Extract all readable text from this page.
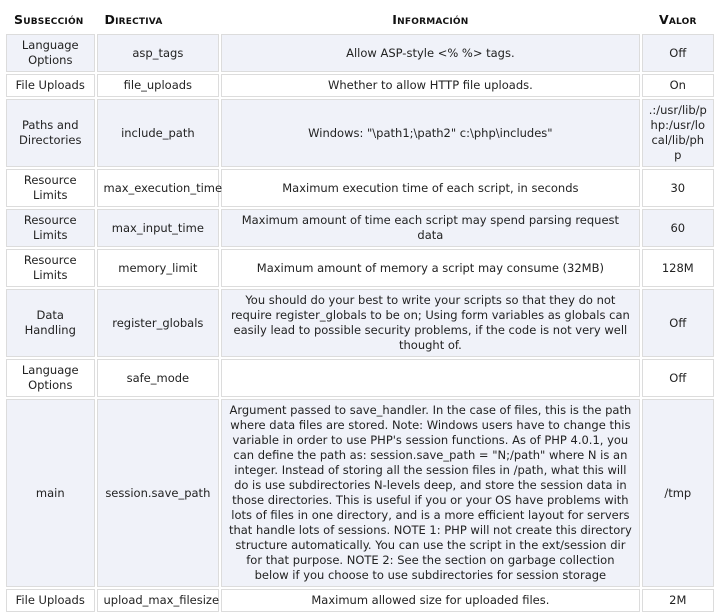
Subsección	Directiva	Información	Valor
Language Options	asp_tags	Allow ASP-style <% %> tags.	Off
File Uploads	file_uploads	Whether to allow HTTP file uploads.	On
Paths and Directories	include_path	Windows: "\path1;\path2" c:\php\includes"	.:/usr/lib/php:/usr/local/lib/php
Resource Limits	max_execution_time	Maximum execution time of each script, in seconds	30
Resource Limits	max_input_time	Maximum amount of time each script may spend parsing request data	60
Resource Limits	memory_limit	Maximum amount of memory a script may consume (32MB)	128M
Data Handling	register_globals	You should do your best to write your scripts so that they do not require register_globals to be on; Using form variables as globals can easily lead to possible security problems, if the code is not very well thought of.	Off
Language Options	safe_mode		Off
main	session.save_path	Argument passed to save_handler. In the case of files, this is the path where data files are stored. Note: Windows users have to change this variable in order to use PHP's session functions. As of PHP 4.0.1, you can define the path as: session.save_path = "N;/path" where N is an integer. Instead of storing all the session files in /path, what this will do is use subdirectories N-levels deep, and store the session data in those directories. This is useful if you or your OS have problems with lots of files in one directory, and is a more efficient layout for servers that handle lots of sessions. NOTE 1: PHP will not create this directory structure automatically. You can use the script in the ext/session dir for that purpose. NOTE 2: See the section on garbage collection below if you choose to use subdirectories for session storage	/tmp
File Uploads	upload_max_filesize	Maximum allowed size for uploaded files.	2M
